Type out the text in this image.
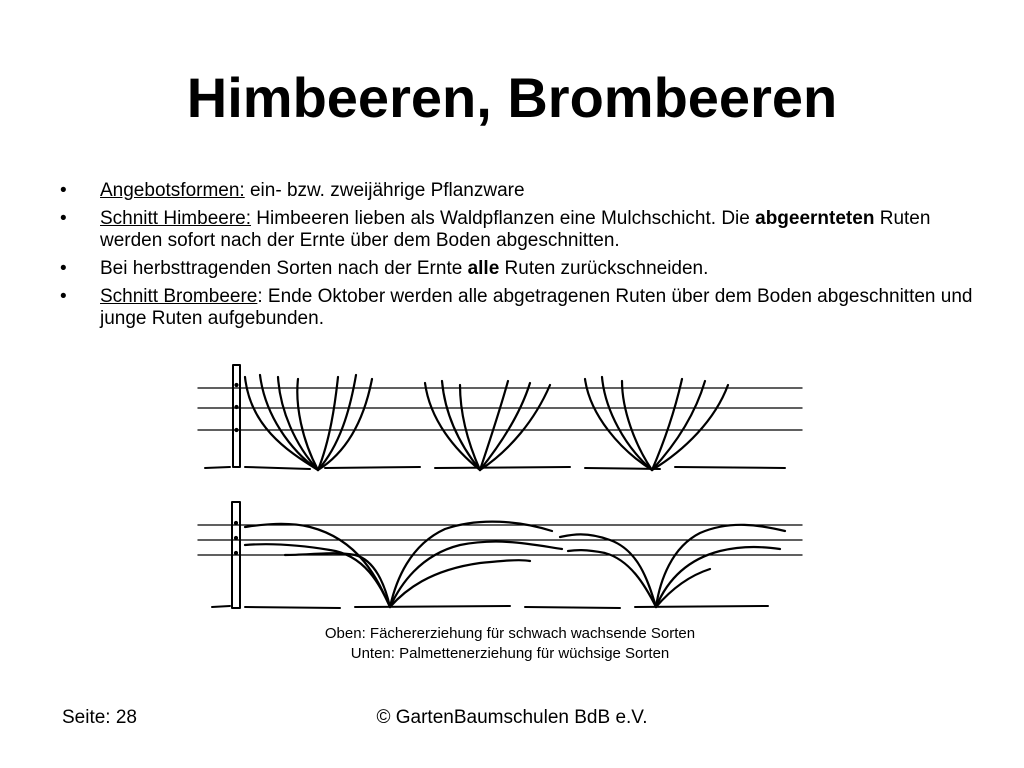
Himbeeren, Brombeeren
•	Angebotsformen: ein- bzw. zweijährige Pflanzware
•	Schnitt Himbeere: Himbeeren lieben als Waldpflanzen eine Mulchschicht. Die abgeernteten Ruten werden sofort nach der Ernte über dem Boden abgeschnitten.
•	Bei herbsttragenden Sorten nach der Ernte alle Ruten zurückschneiden.
•	Schnitt Brombeere: Ende Oktober werden alle abgetragenen Ruten über dem Boden abgeschnitten und junge Ruten aufgebunden.
Oben: Fächererziehung für schwach wachsende Sorten
Unten: Palmettenerziehung für wüchsige Sorten
Seite: 28	© GartenBaumschulen BdB e.V.
